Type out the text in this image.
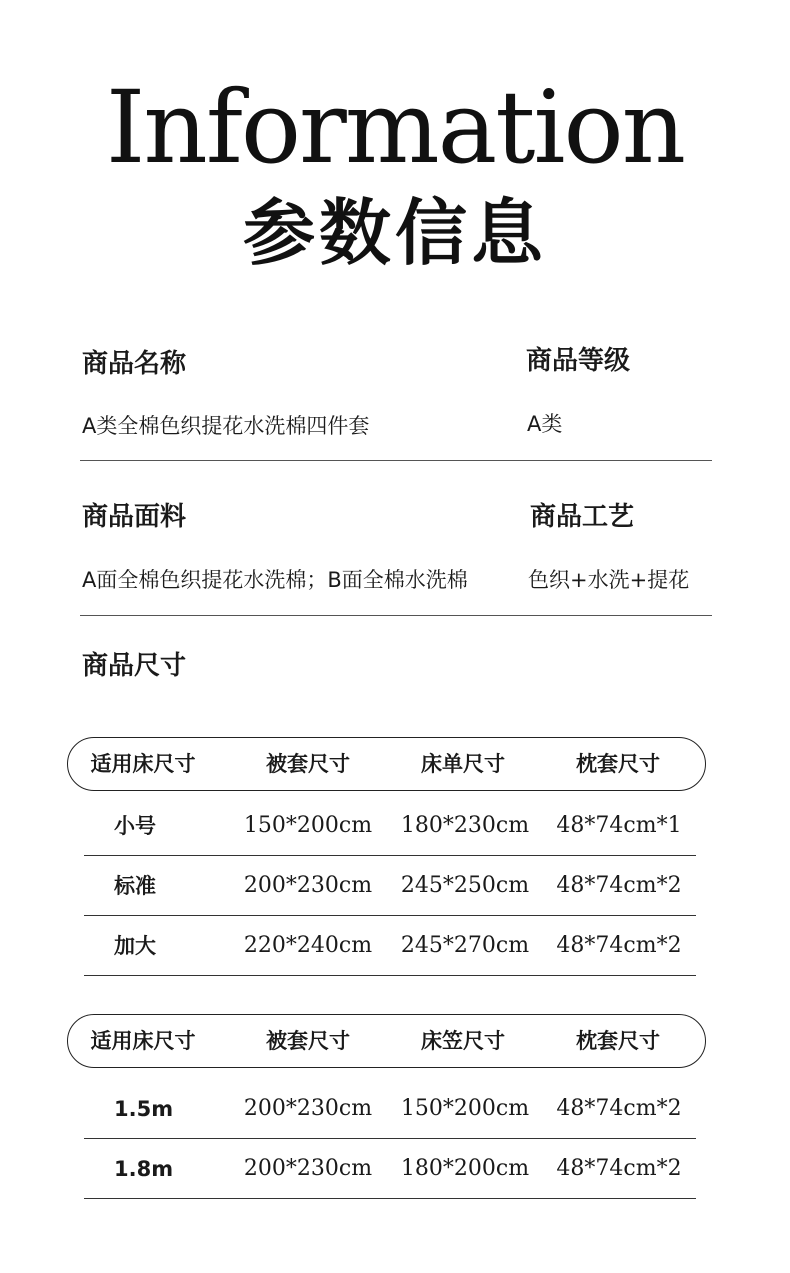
Information
参数信息
商品名称	商品等级
A类全棉色织提花水洗棉四件套	A类
商品面料	商品工艺
A面全棉色织提花水洗棉；B面全棉水洗棉	色织+水洗+提花
商品尺寸
适用床尺寸	被套尺寸	床单尺寸	枕套尺寸
小号	150*200cm	180*230cm	48*74cm*1
标准	200*230cm	245*250cm	48*74cm*2
加大	220*240cm	245*270cm	48*74cm*2
适用床尺寸	被套尺寸	床笠尺寸	枕套尺寸
1.5m	200*230cm	150*200cm	48*74cm*2
1.8m	200*230cm	180*200cm	48*74cm*2
